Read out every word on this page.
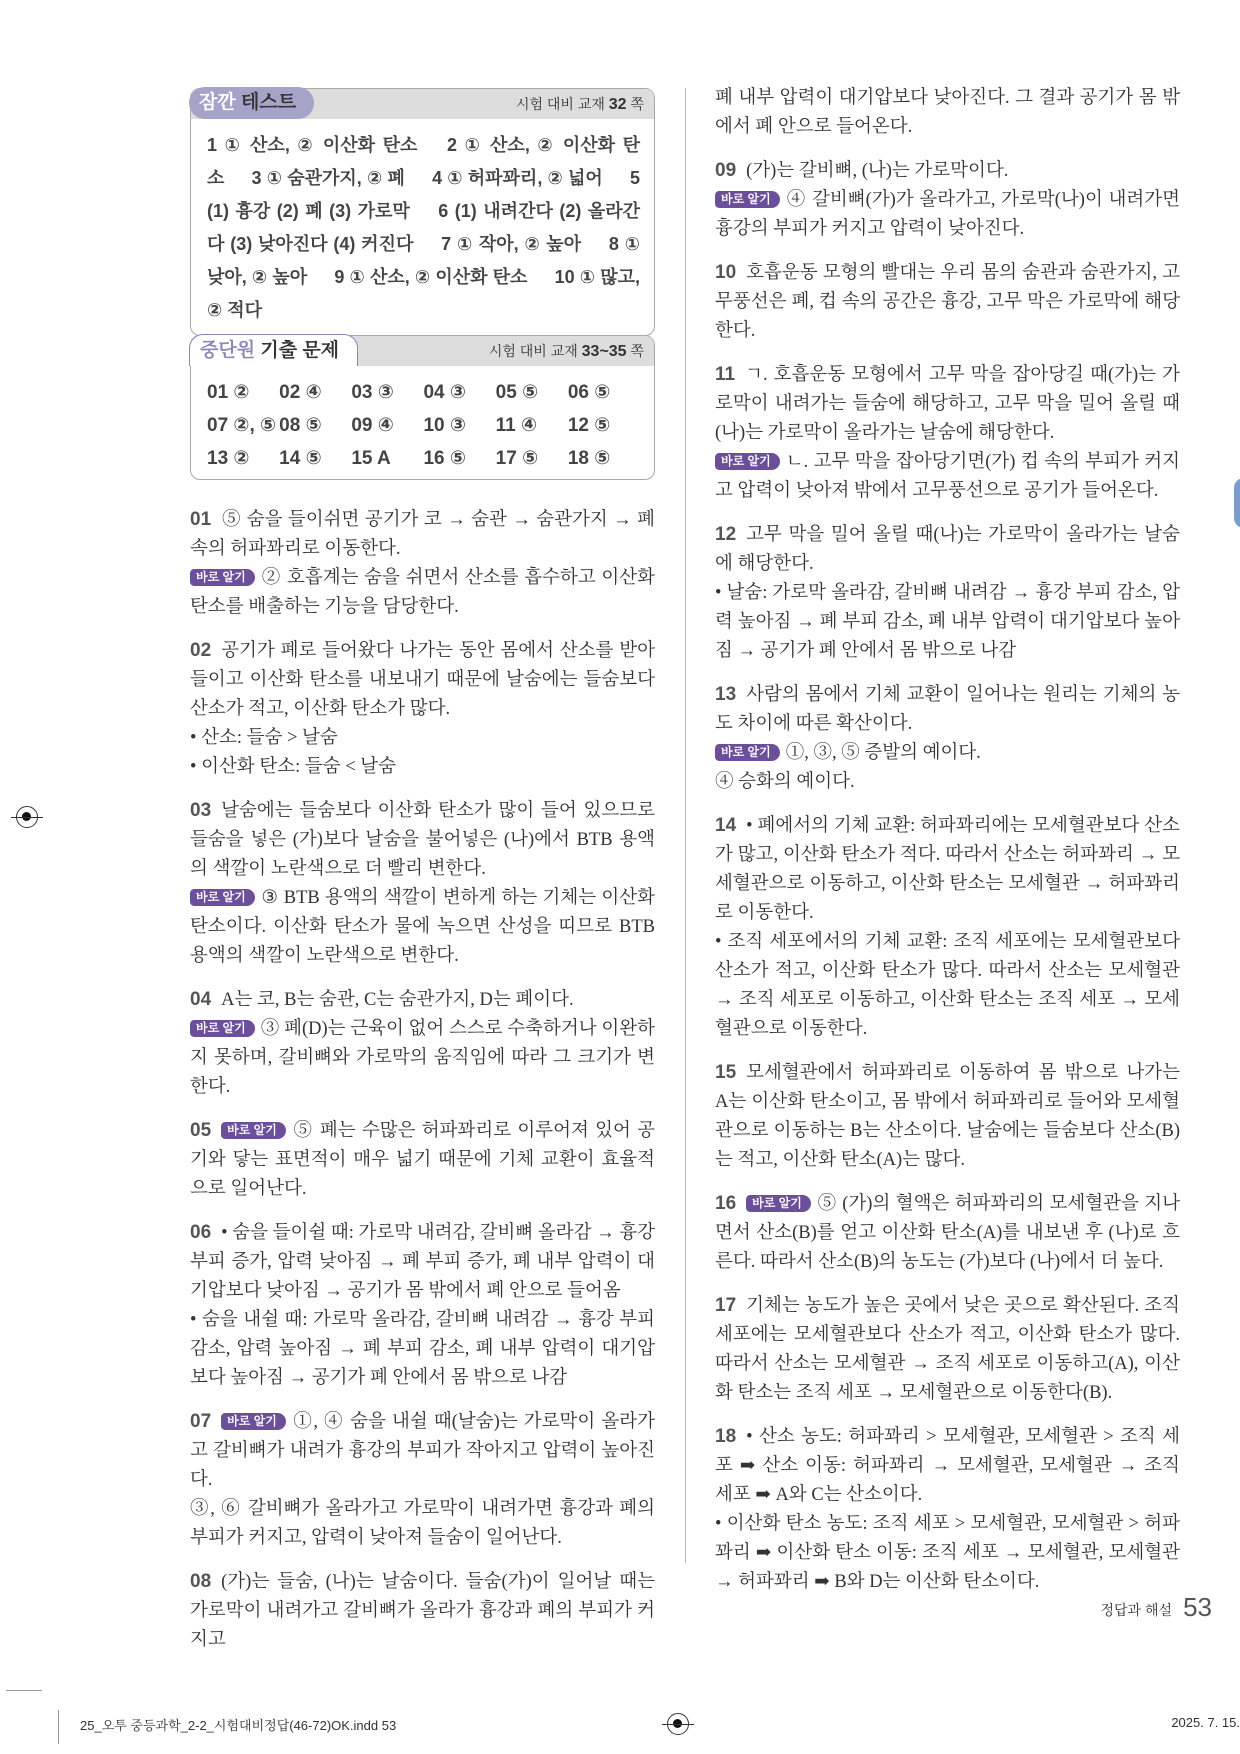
잠깐 테스트	시험 대비 교재 32 쪽
1 ① 산소, ② 이산화 탄소 2 ① 산소, ② 이산화 탄소 3 ① 숨관가지, ② 폐 4 ① 허파꽈리, ② 넓어 5 (1) 흉강 (2) 폐 (3) 가로막 6 (1) 내려간다 (2) 올라간다 (3) 낮아진다 (4) 커진다 7 ① 작아, ② 높아 8 ① 낮아, ② 높아 9 ① 산소, ② 이산화 탄소 10 ① 많고, ② 적다
중단원 기출 문제	시험 대비 교재 33~35 쪽
01 ②	02 ④	03 ③	04 ③	05 ⑤	06 ⑤
07 ②, ⑤ 08 ⑤	09 ④	10 ③	11 ④	12 ⑤
13 ②	14 ⑤	15 A	16 ⑤	17 ⑤	18 ⑤
01 ⑤ 숨을 들이쉬면 공기가 코 → 숨관 → 숨관가지 → 폐 속의 허파꽈리로 이동한다.
바로 알기 ② 호흡계는 숨을 쉬면서 산소를 흡수하고 이산화 탄소를 배출하는 기능을 담당한다.
02 공기가 폐로 들어왔다 나가는 동안 몸에서 산소를 받아들이고 이산화 탄소를 내보내기 때문에 날숨에는 들숨보다 산소가 적고, 이산화 탄소가 많다.
• 산소: 들숨 > 날숨
• 이산화 탄소: 들숨 < 날숨
03 날숨에는 들숨보다 이산화 탄소가 많이 들어 있으므로 들숨을 넣은 (가)보다 날숨을 불어넣은 (나)에서 BTB 용액의 색깔이 노란색으로 더 빨리 변한다.
바로 알기 ③ BTB 용액의 색깔이 변하게 하는 기체는 이산화 탄소이다. 이산화 탄소가 물에 녹으면 산성을 띠므로 BTB 용액의 색깔이 노란색으로 변한다.
04 A는 코, B는 숨관, C는 숨관가지, D는 폐이다.
바로 알기 ③ 폐(D)는 근육이 없어 스스로 수축하거나 이완하지 못하며, 갈비뼈와 가로막의 움직임에 따라 그 크기가 변한다.
05 바로 알기 ⑤ 폐는 수많은 허파꽈리로 이루어져 있어 공기와 닿는 표면적이 매우 넓기 때문에 기체 교환이 효율적으로 일어난다.
06 • 숨을 들이쉴 때: 가로막 내려감, 갈비뼈 올라감 → 흉강 부피 증가, 압력 낮아짐 → 폐 부피 증가, 폐 내부 압력이 대기압보다 낮아짐 → 공기가 몸 밖에서 폐 안으로 들어옴
• 숨을 내쉴 때: 가로막 올라감, 갈비뼈 내려감 → 흉강 부피 감소, 압력 높아짐 → 폐 부피 감소, 폐 내부 압력이 대기압보다 높아짐 → 공기가 폐 안에서 몸 밖으로 나감
07 바로 알기 ①, ④ 숨을 내쉴 때(날숨)는 가로막이 올라가고 갈비뼈가 내려가 흉강의 부피가 작아지고 압력이 높아진다.
③, ⑥ 갈비뼈가 올라가고 가로막이 내려가면 흉강과 폐의 부피가 커지고, 압력이 낮아져 들숨이 일어난다.
08 (가)는 들숨, (나)는 날숨이다. 들숨(가)이 일어날 때는 가로막이 내려가고 갈비뼈가 올라가 흉강과 폐의 부피가 커지고
폐 내부 압력이 대기압보다 낮아진다. 그 결과 공기가 몸 밖에서 폐 안으로 들어온다.
09 (가)는 갈비뼈, (나)는 가로막이다.
바로 알기 ④ 갈비뼈(가)가 올라가고, 가로막(나)이 내려가면 흉강의 부피가 커지고 압력이 낮아진다.
10 호흡운동 모형의 빨대는 우리 몸의 숨관과 숨관가지, 고무풍선은 폐, 컵 속의 공간은 흉강, 고무 막은 가로막에 해당한다.
11 ㄱ. 호흡운동 모형에서 고무 막을 잡아당길 때(가)는 가로막이 내려가는 들숨에 해당하고, 고무 막을 밀어 올릴 때(나)는 가로막이 올라가는 날숨에 해당한다.
바로 알기 ㄴ. 고무 막을 잡아당기면(가) 컵 속의 부피가 커지고 압력이 낮아져 밖에서 고무풍선으로 공기가 들어온다.
12 고무 막을 밀어 올릴 때(나)는 가로막이 올라가는 날숨에 해당한다.
• 날숨: 가로막 올라감, 갈비뼈 내려감 → 흉강 부피 감소, 압력 높아짐 → 폐 부피 감소, 폐 내부 압력이 대기압보다 높아짐 → 공기가 폐 안에서 몸 밖으로 나감
13 사람의 몸에서 기체 교환이 일어나는 원리는 기체의 농도 차이에 따른 확산이다.
바로 알기 ①, ③, ⑤ 증발의 예이다.
④ 승화의 예이다.
14 • 폐에서의 기체 교환: 허파꽈리에는 모세혈관보다 산소가 많고, 이산화 탄소가 적다. 따라서 산소는 허파꽈리 → 모세혈관으로 이동하고, 이산화 탄소는 모세혈관 → 허파꽈리로 이동한다.
• 조직 세포에서의 기체 교환: 조직 세포에는 모세혈관보다 산소가 적고, 이산화 탄소가 많다. 따라서 산소는 모세혈관 → 조직 세포로 이동하고, 이산화 탄소는 조직 세포 → 모세혈관으로 이동한다.
15 모세혈관에서 허파꽈리로 이동하여 몸 밖으로 나가는 A는 이산화 탄소이고, 몸 밖에서 허파꽈리로 들어와 모세혈관으로 이동하는 B는 산소이다. 날숨에는 들숨보다 산소(B)는 적고, 이산화 탄소(A)는 많다.
16 바로 알기 ⑤ (가)의 혈액은 허파꽈리의 모세혈관을 지나면서 산소(B)를 얻고 이산화 탄소(A)를 내보낸 후 (나)로 흐른다. 따라서 산소(B)의 농도는 (가)보다 (나)에서 더 높다.
17 기체는 농도가 높은 곳에서 낮은 곳으로 확산된다. 조직 세포에는 모세혈관보다 산소가 적고, 이산화 탄소가 많다. 따라서 산소는 모세혈관 → 조직 세포로 이동하고(A), 이산화 탄소는 조직 세포 → 모세혈관으로 이동한다(B).
18 • 산소 농도: 허파꽈리 > 모세혈관, 모세혈관 > 조직 세포 ➡ 산소 이동: 허파꽈리 → 모세혈관, 모세혈관 → 조직 세포 ➡ A와 C는 산소이다.
• 이산화 탄소 농도: 조직 세포 > 모세혈관, 모세혈관 > 허파꽈리 ➡ 이산화 탄소 이동: 조직 세포 → 모세혈관, 모세혈관 → 허파꽈리 ➡ B와 D는 이산화 탄소이다.
정답과 해설 53
25_오투 중등과학_2-2_시험대비정답(46-72)OK.indd 53	2025. 7. 15.
